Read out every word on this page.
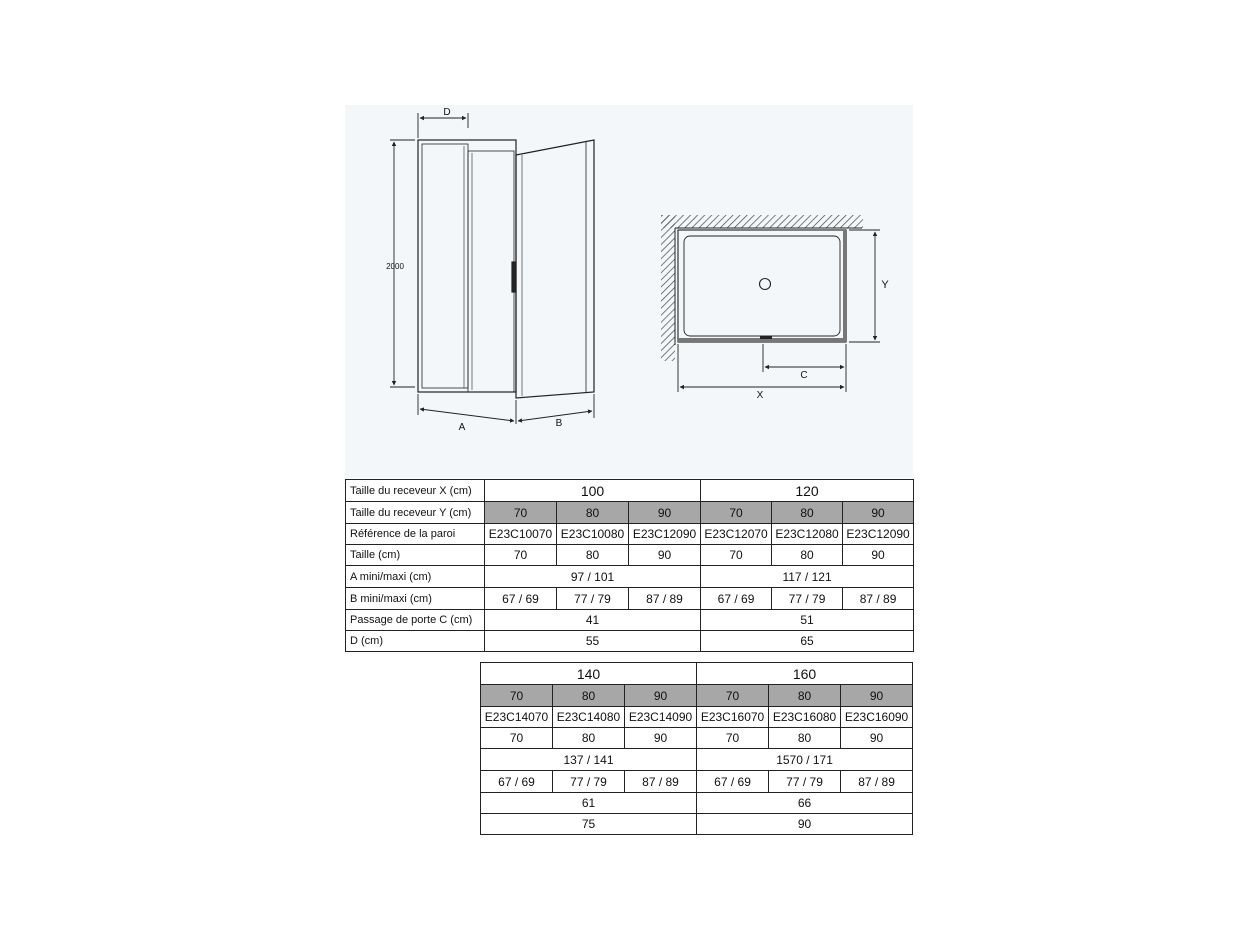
D
2000
A	B
Y
C
X
Taille du receveur X (cm)	100			120		
Taille du receveur Y (cm)	70	80	90	70	80	90
Référence de la paroi	E23C10070	E23C10080	E23C12090	E23C12070	E23C12080	E23C12090
Taille (cm)	70	80	90	70	80	90
A mini/maxi (cm)	97 / 101			117 / 121		
B mini/maxi (cm)	67 / 69	77 / 79	87 / 89	67 / 69	77 / 79	87 / 89
Passage de porte C (cm)	41			51		
D (cm)	55			65		
140			160		
70	80	90	70	80	90
E23C14070	E23C14080	E23C14090	E23C16070	E23C16080	E23C16090
70	80	90	70	80	90
137 / 141			1570 / 171		
67 / 69	77 / 79	87 / 89	67 / 69	77 / 79	87 / 89
61			66		
75			90		
